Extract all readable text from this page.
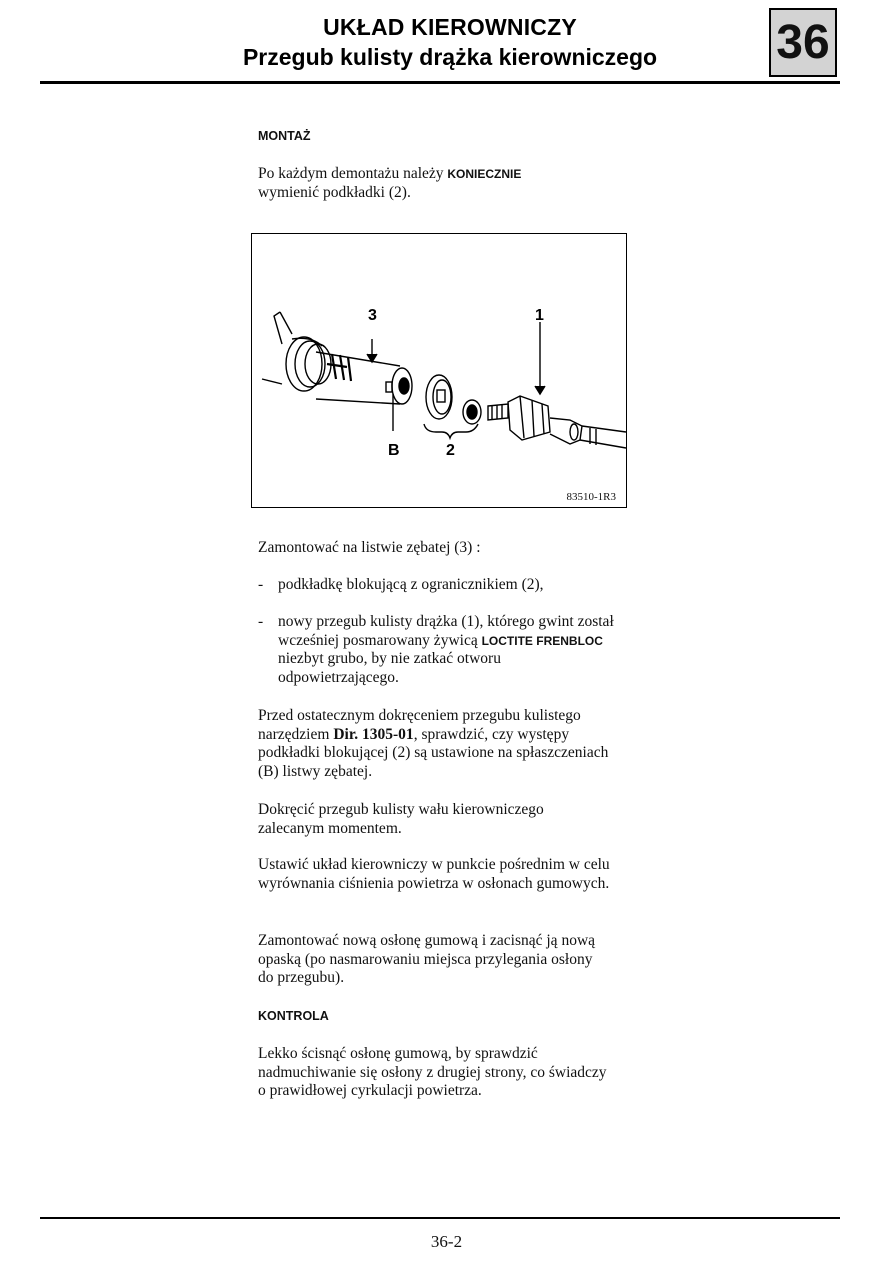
UKŁAD KIEROWNICZY
Przegub kulisty drążka kierowniczego	36
MONTAŻ
Po każdym demontażu należy KONIECZNIE
wymienić podkładki (2).
3	1
B	2
83510-1R3
Zamontować na listwie zębatej (3) :
- podkładkę blokującą z ogranicznikiem (2),
- nowy przegub kulisty drążka (1), którego gwint został wcześniej posmarowany żywicą LOCTITE FRENBLOC niezbyt grubo, by nie zatkać otworu odpowietrzającego.
Przed ostatecznym dokręceniem przegubu kulistego narzędziem Dir. 1305-01, sprawdzić, czy występy podkładki blokującej (2) są ustawione na spłaszczeniach (B) listwy zębatej.
Dokręcić przegub kulisty wału kierowniczego zalecanym momentem.
Ustawić układ kierowniczy w punkcie pośrednim w celu wyrównania ciśnienia powietrza w osłonach gumowych.
Zamontować nową osłonę gumową i zacisnąć ją nową opaską (po nasmarowaniu miejsca przylegania osłony do przegubu).
KONTROLA
Lekko ścisnąć osłonę gumową, by sprawdzić nadmuchiwanie się osłony z drugiej strony, co świadczy o prawidłowej cyrkulacji powietrza.
36-2
